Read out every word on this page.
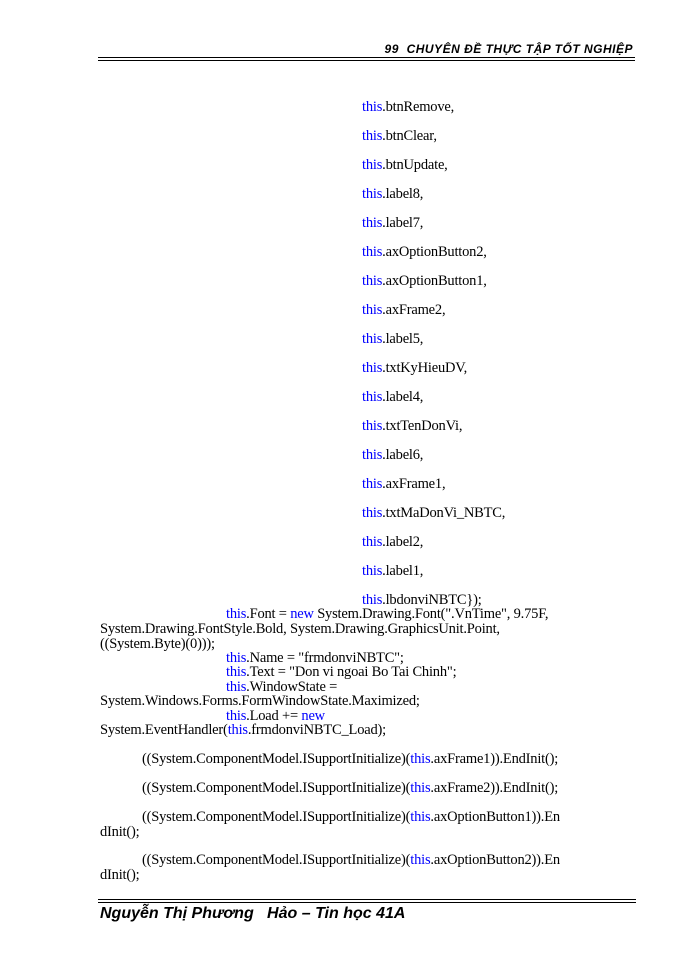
99 CHUYÊN ĐỀ THỰC TẬP TỐT NGHIỆP
this.btnRemove,
this.btnClear,
this.btnUpdate,
this.label8,
this.label7,
this.axOptionButton2,
this.axOptionButton1,
this.axFrame2,
this.label5,
this.txtKyHieuDV,
this.label4,
this.txtTenDonVi,
this.label6,
this.axFrame1,
this.txtMaDonVi_NBTC,
this.label2,
this.label1,
this.lbdonviNBTC});
this.Font = new System.Drawing.Font(".VnTime", 9.75F,
System.Drawing.FontStyle.Bold, System.Drawing.GraphicsUnit.Point,
((System.Byte)(0)));
this.Name = "frmdonviNBTC";
this.Text = "Don vi ngoai Bo Tai Chinh";
this.WindowState =
System.Windows.Forms.FormWindowState.Maximized;
this.Load += new
System.EventHandler(this.frmdonviNBTC_Load);
((System.ComponentModel.ISupportInitialize)(this.axFrame1)).EndInit();
((System.ComponentModel.ISupportInitialize)(this.axFrame2)).EndInit();
((System.ComponentModel.ISupportInitialize)(this.axOptionButton1)).En
dInit();
((System.ComponentModel.ISupportInitialize)(this.axOptionButton2)).En
dInit();
Nguyễn Thị Phương   Hảo – Tin học 41A
